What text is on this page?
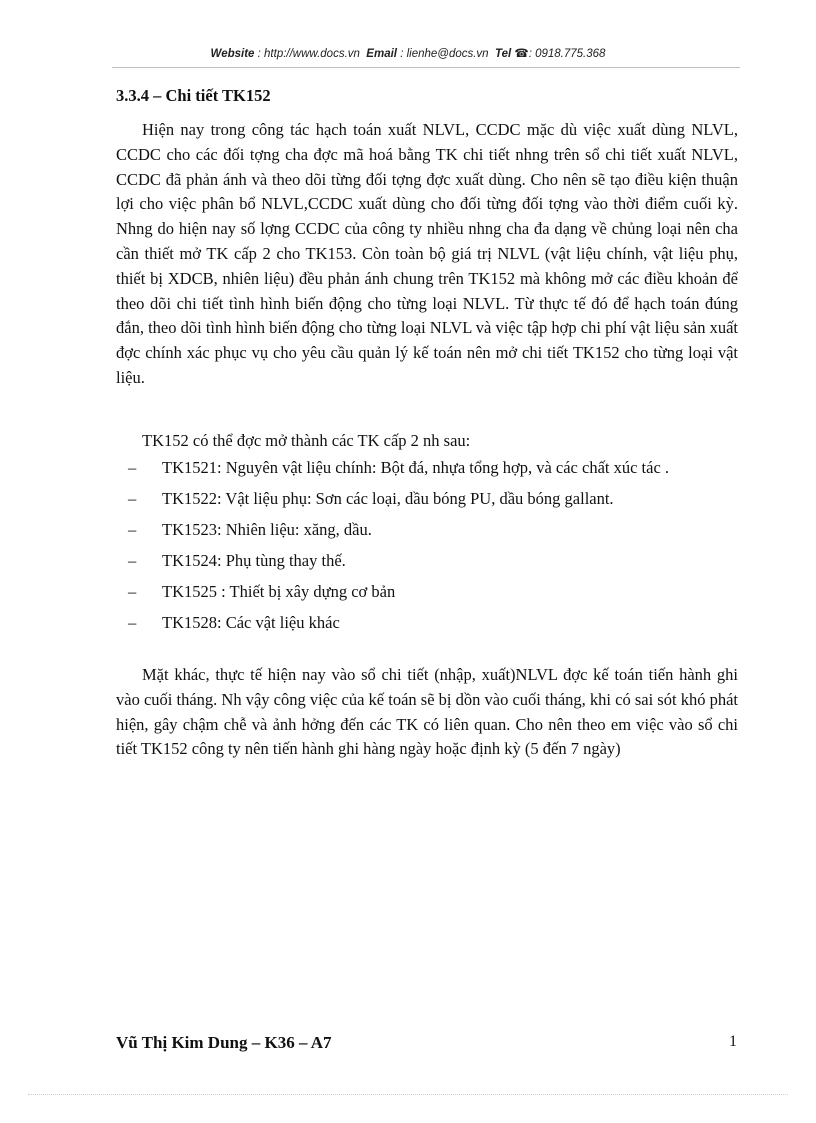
Website : http://www.docs.vn Email : lienhe@docs.vn Tel ☎: 0918.775.368
3.3.4 – Chi tiết TK152

Hiện nay trong công tác hạch toán xuất NLVL, CCDC mặc dù việc xuất dùng NLVL, CCDC cho các đối tợng cha đợc mã hoá bằng TK chi tiết nhng trên sổ chi tiết xuất NLVL, CCDC đã phản ánh và theo dõi từng đối tợng đợc xuất dùng. Cho nên sẽ tạo điều kiện thuận lợi cho việc phân bổ NLVL,CCDC xuất dùng cho đối từng đối tợng vào thời điểm cuối kỳ. Nhng do hiện nay số lợng CCDC của công ty nhiều nhng cha đa dạng về chủng loại nên cha cần thiết mở TK cấp 2 cho TK153. Còn toàn bộ giá trị NLVL (vật liệu chính, vật liệu phụ, thiết bị XDCB, nhiên liệu) đều phản ánh chung trên TK152 mà không mở các điều khoản để theo dõi chi tiết tình hình biến động cho từng loại NLVL. Từ thực tế đó để hạch toán đúng đắn, theo dõi tình hình biến động cho từng loại NLVL và việc tập hợp chi phí vật liệu sản xuất đợc chính xác phục vụ cho yêu cầu quản lý kế toán nên mở chi tiết TK152 cho từng loại vật liệu.

TK152 có thể đợc mở thành các TK cấp 2 nh sau:

– TK1521: Nguyên vật liệu chính: Bột đá, nhựa tổng hợp, và các chất xúc tác .
– TK1522: Vật liệu phụ: Sơn các loại, dầu bóng PU, dầu bóng gallant.
– TK1523: Nhiên liệu: xăng, dầu.
– TK1524: Phụ tùng thay thế.
– TK1525 : Thiết bị xây dựng cơ bản
– TK1528: Các vật liệu khác

Mặt khác, thực tế hiện nay vào sổ chi tiết (nhập, xuất)NLVL đợc kế toán tiến hành ghi vào cuối tháng. Nh vậy công việc của kế toán sẽ bị dồn vào cuối tháng, khi có sai sót khó phát hiện, gây chậm chễ và ảnh hởng đến các TK có liên quan. Cho nên theo em việc vào sổ chi tiết TK152 công ty nên tiến hành ghi hàng ngày hoặc định kỳ (5 đến 7 ngày)

Vũ Thị Kim Dung – K36 – A7	1
